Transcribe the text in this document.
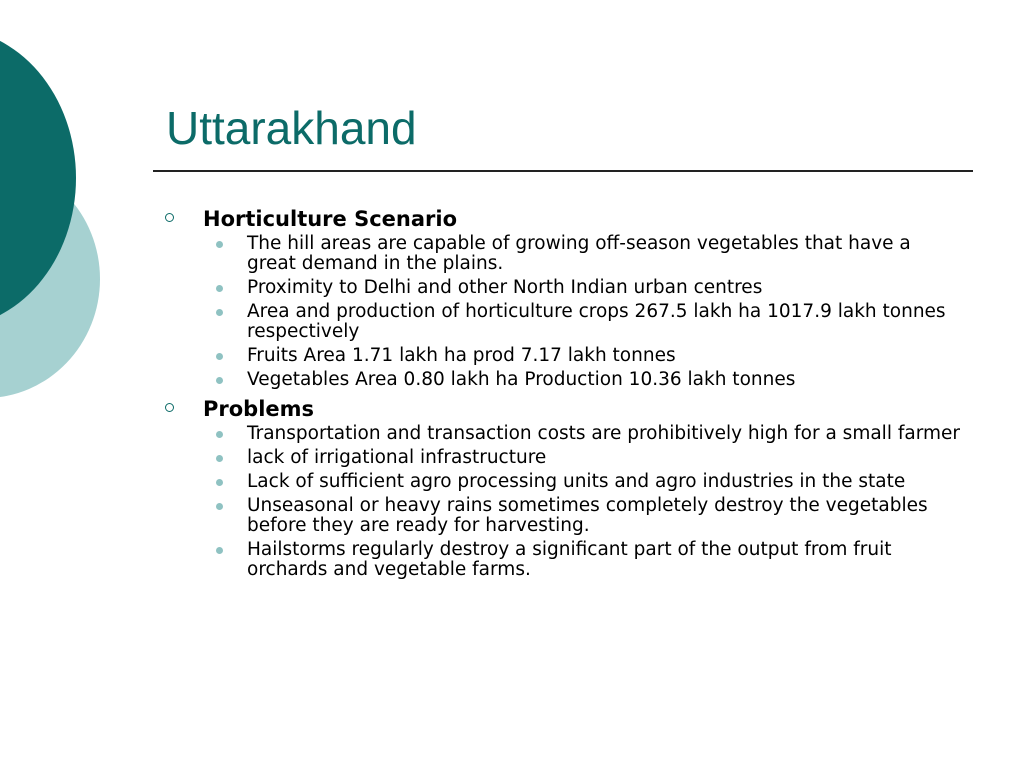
Uttarakhand
Horticulture Scenario
The hill areas are capable of growing off-season vegetables that have a great demand in the plains.
Proximity to Delhi and other North Indian urban centres
Area and production of horticulture crops 267.5 lakh ha 1017.9 lakh tonnes respectively
Fruits Area 1.71 lakh ha prod 7.17 lakh tonnes
Vegetables Area 0.80 lakh ha Production 10.36 lakh tonnes
Problems
Transportation and transaction costs are prohibitively high for a small farmer
lack of irrigational infrastructure
Lack of sufficient agro processing units and agro industries in the state
Unseasonal or heavy rains sometimes completely destroy the vegetables before they are ready for harvesting.
Hailstorms regularly destroy a significant part of the output from fruit orchards and vegetable farms.
